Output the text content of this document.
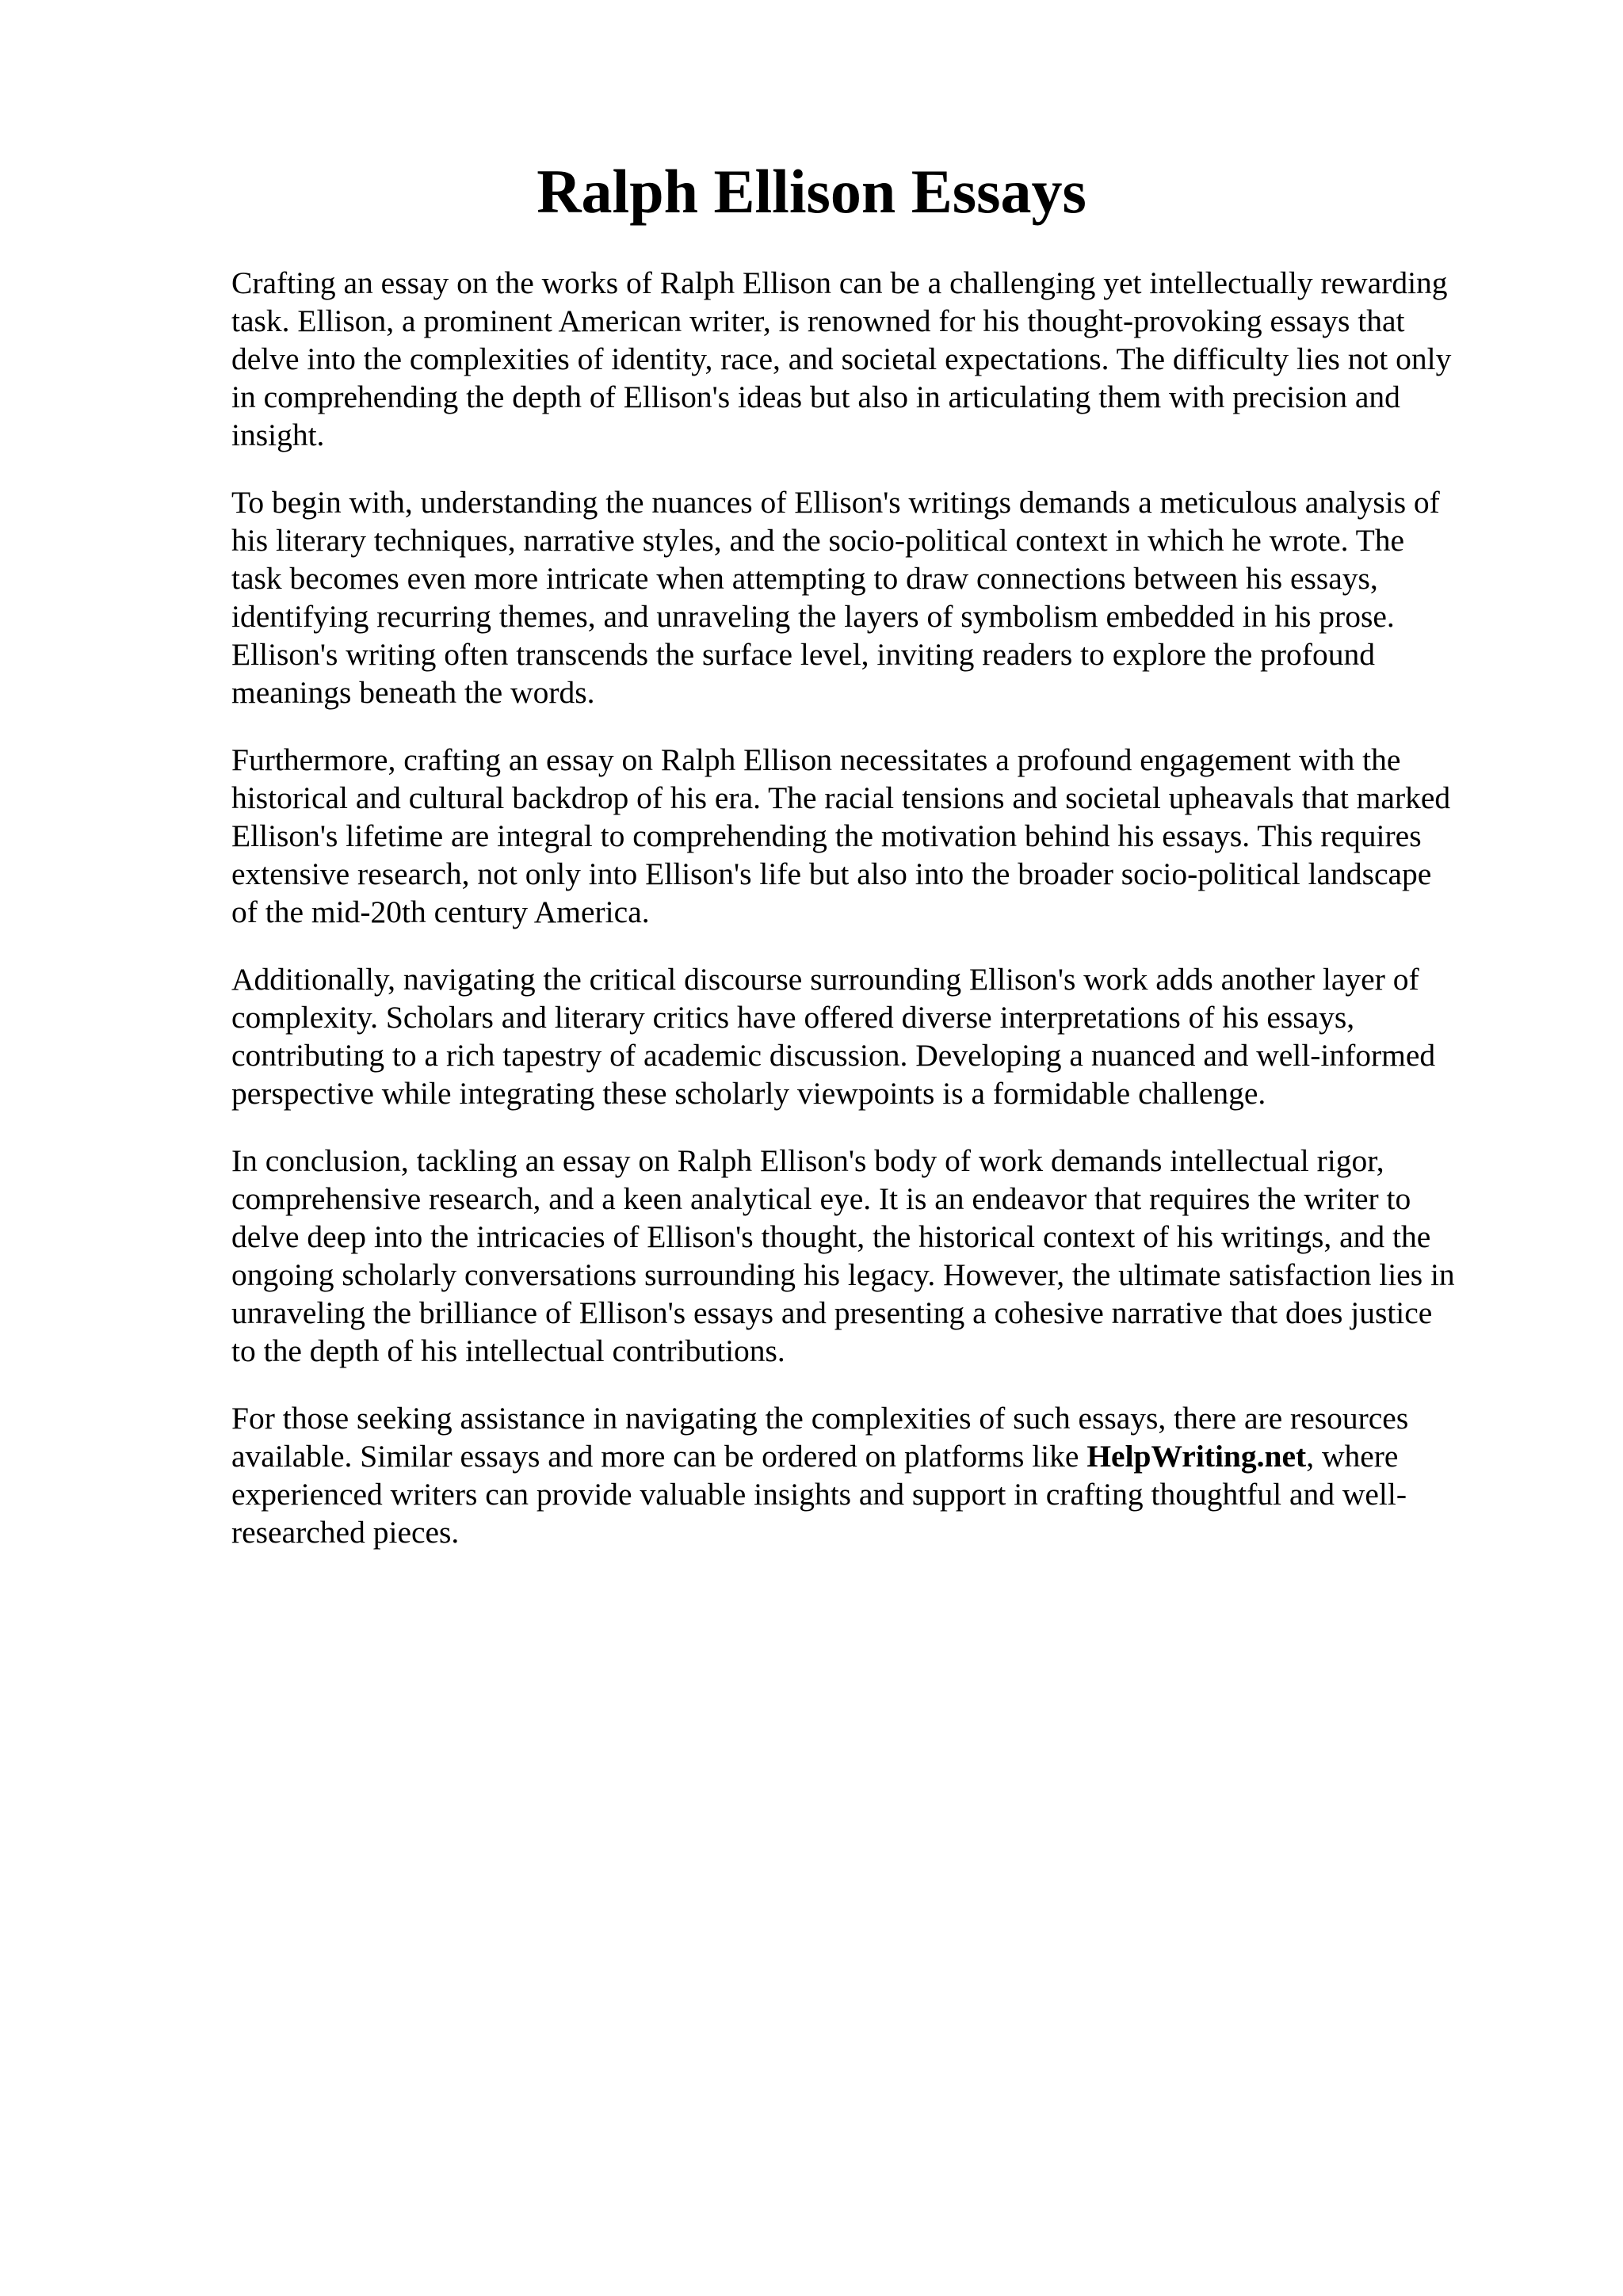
Ralph Ellison Essays

Crafting an essay on the works of Ralph Ellison can be a challenging yet intellectually rewarding
task. Ellison, a prominent American writer, is renowned for his thought-provoking essays that
delve into the complexities of identity, race, and societal expectations. The difficulty lies not only
in comprehending the depth of Ellison's ideas but also in articulating them with precision and
insight.

To begin with, understanding the nuances of Ellison's writings demands a meticulous analysis of
his literary techniques, narrative styles, and the socio-political context in which he wrote. The
task becomes even more intricate when attempting to draw connections between his essays,
identifying recurring themes, and unraveling the layers of symbolism embedded in his prose.
Ellison's writing often transcends the surface level, inviting readers to explore the profound
meanings beneath the words.

Furthermore, crafting an essay on Ralph Ellison necessitates a profound engagement with the
historical and cultural backdrop of his era. The racial tensions and societal upheavals that marked
Ellison's lifetime are integral to comprehending the motivation behind his essays. This requires
extensive research, not only into Ellison's life but also into the broader socio-political landscape
of the mid-20th century America.

Additionally, navigating the critical discourse surrounding Ellison's work adds another layer of
complexity. Scholars and literary critics have offered diverse interpretations of his essays,
contributing to a rich tapestry of academic discussion. Developing a nuanced and well-informed
perspective while integrating these scholarly viewpoints is a formidable challenge.

In conclusion, tackling an essay on Ralph Ellison's body of work demands intellectual rigor,
comprehensive research, and a keen analytical eye. It is an endeavor that requires the writer to
delve deep into the intricacies of Ellison's thought, the historical context of his writings, and the
ongoing scholarly conversations surrounding his legacy. However, the ultimate satisfaction lies in
unraveling the brilliance of Ellison's essays and presenting a cohesive narrative that does justice
to the depth of his intellectual contributions.

For those seeking assistance in navigating the complexities of such essays, there are resources
available. Similar essays and more can be ordered on platforms like HelpWriting.net, where
experienced writers can provide valuable insights and support in crafting thoughtful and well-
researched pieces.
